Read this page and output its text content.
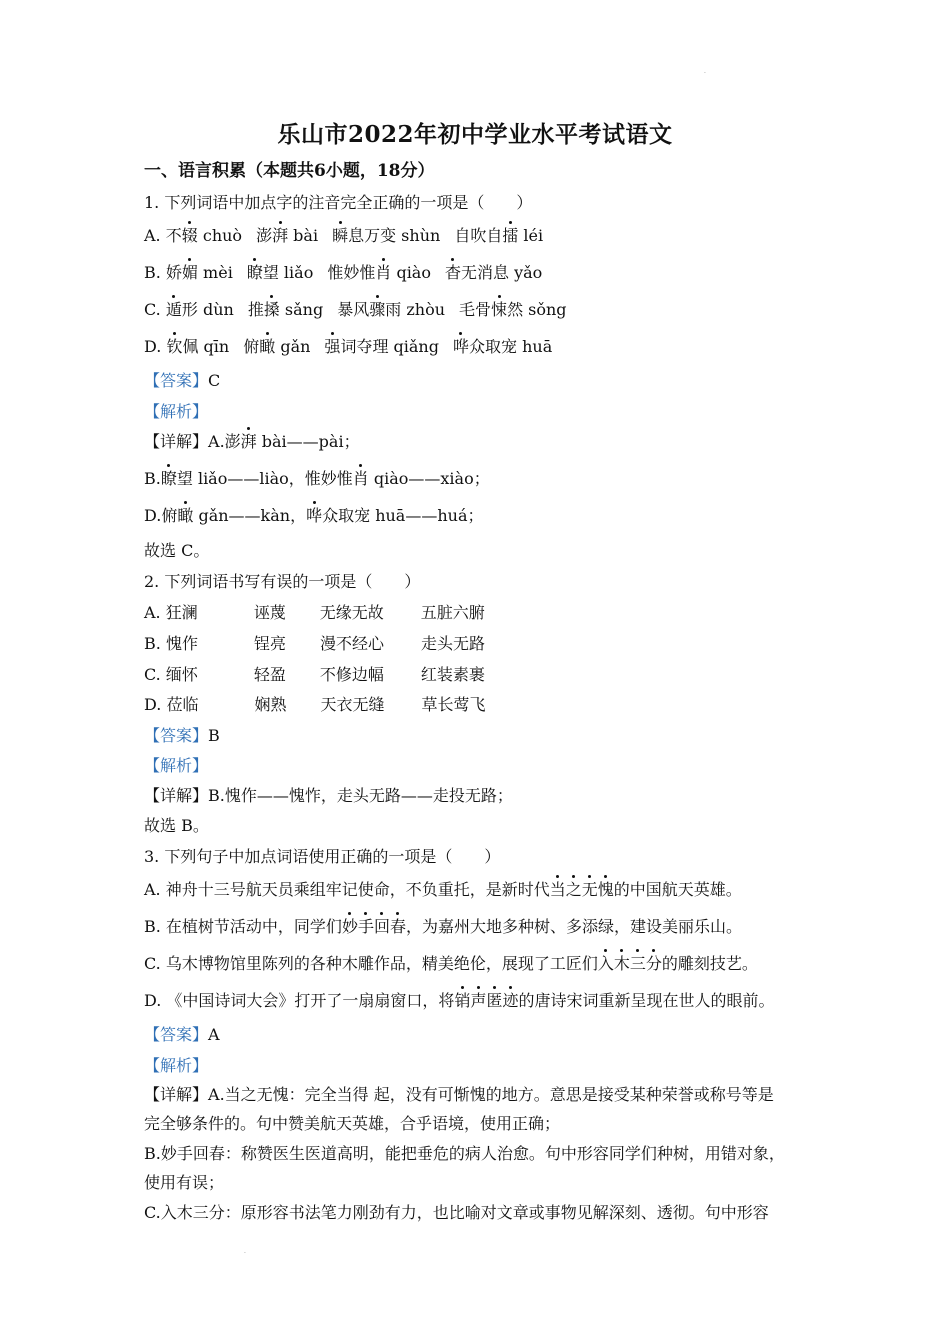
·
乐山市2022年初中学业水平考试语文
一、语言积累（本题共6小题，18分）
1. 下列词语中加点字的注音完全正确的一项是（　　）
A. 不辍 chuò 澎湃 bài 瞬息万变 shùn 自吹自擂 léi
B. 娇媚 mèi 瞭望 liǎo 惟妙惟肖 qiào 杳无消息 yǎo
C. 遁形 dùn 推搡 sǎng 暴风骤雨 zhòu 毛骨悚然 sǒng
D. 钦佩 qīn 俯瞰 gǎn 强词夺理 qiǎng 哗众取宠 huā
【答案】C
【解析】
【详解】A.澎湃 bài——pài；
B.瞭望 liǎo——liào，惟妙惟肖 qiào——xiào；
D.俯瞰 gǎn——kàn，哗众取宠 huā——huá；
故选 C。
2. 下列词语书写有误的一项是（　　）
A. 狂澜	诬蔑 无缘无故 五脏六腑
B. 愧作	锃亮 漫不经心 走头无路
C. 缅怀	轻盈 不修边幅 红装素裹
D. 莅临	娴熟 天衣无缝 草长莺飞
【答案】B
【解析】
【详解】B.愧作——愧怍，走头无路——走投无路；
故选 B。
3. 下列句子中加点词语使用正确的一项是（　　）
A. 神舟十三号航天员乘组牢记使命，不负重托，是新时代当之无愧的中国航天英雄。
B. 在植树节活动中，同学们妙手回春，为嘉州大地多种树、多添绿，建设美丽乐山。
C. 乌木博物馆里陈列的各种木雕作品，精美绝伦，展现了工匠们入木三分的雕刻技艺。
D. 《中国诗词大会》打开了一扇扇窗口，将销声匿迹的唐诗宋词重新呈现在世人的眼前。
【答案】A
【解析】
【详解】A.当之无愧：完全当得 起，没有可惭愧的地方。意思是接受某种荣誉或称号等是
完全够条件的。句中赞美航天英雄，合乎语境，使用正确；
B.妙手回春：称赞医生医道高明，能把垂危的病人治愈。句中形容同学们种树，用错对象，
使用有误；
C.入木三分：原形容书法笔力刚劲有力，也比喻对文章或事物见解深刻、透彻。句中形容
·
